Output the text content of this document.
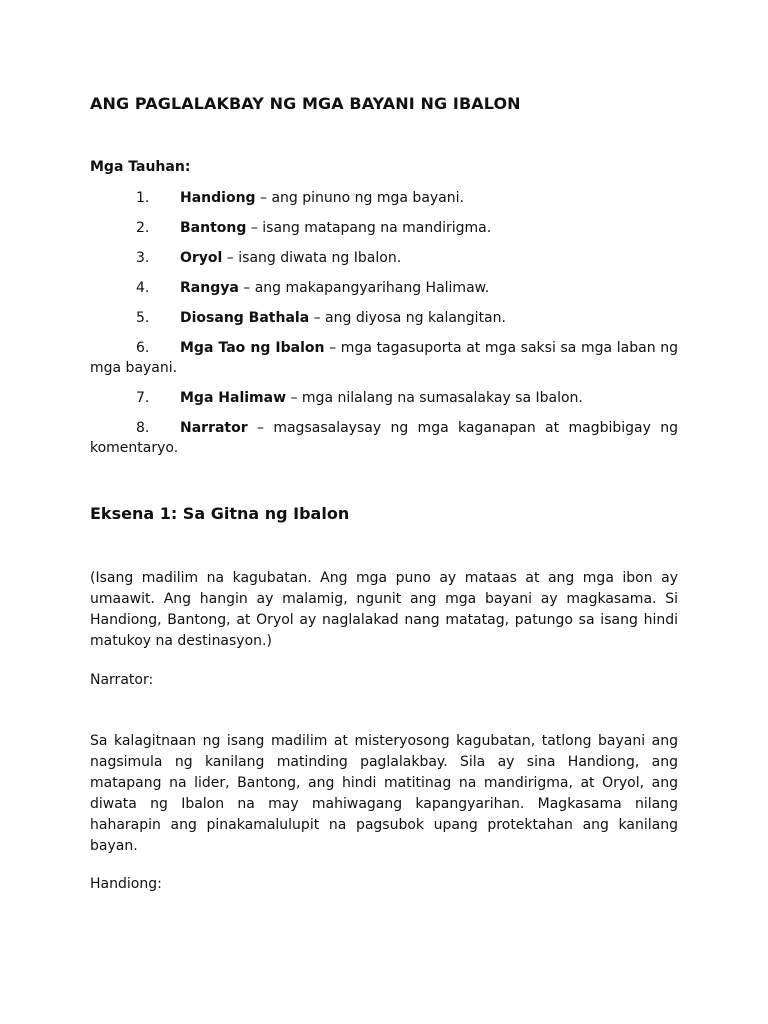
ANG PAGLALAKBAY NG MGA BAYANI NG IBALON
Mga Tauhan:
1. Handiong – ang pinuno ng mga bayani.
2. Bantong – isang matapang na mandirigma.
3. Oryol – isang diwata ng Ibalon.
4. Rangya – ang makapangyarihang Halimaw.
5. Diosang Bathala – ang diyosa ng kalangitan.
6. Mga Tao ng Ibalon – mga tagasuporta at mga saksi sa mga laban ng mga bayani.
7. Mga Halimaw – mga nilalang na sumasalakay sa Ibalon.
8. Narrator – magsasalaysay ng mga kaganapan at magbibigay ng komentaryo.
Eksena 1: Sa Gitna ng Ibalon

(Isang madilim na kagubatan. Ang mga puno ay mataas at ang mga ibon ay umaawit. Ang hangin ay malamig, ngunit ang mga bayani ay magkasama. Si Handiong, Bantong, at Oryol ay naglalakad nang matatag, patungo sa isang hindi matukoy na destinasyon.)

Narrator:

Sa kalagitnaan ng isang madilim at misteryosong kagubatan, tatlong bayani ang nagsimula ng kanilang matinding paglalakbay. Sila ay sina Handiong, ang matapang na lider, Bantong, ang hindi matitinag na mandirigma, at Oryol, ang diwata ng Ibalon na may mahiwagang kapangyarihan. Magkasama nilang haharapin ang pinakamalulupit na pagsubok upang protektahan ang kanilang bayan.

Handiong:
